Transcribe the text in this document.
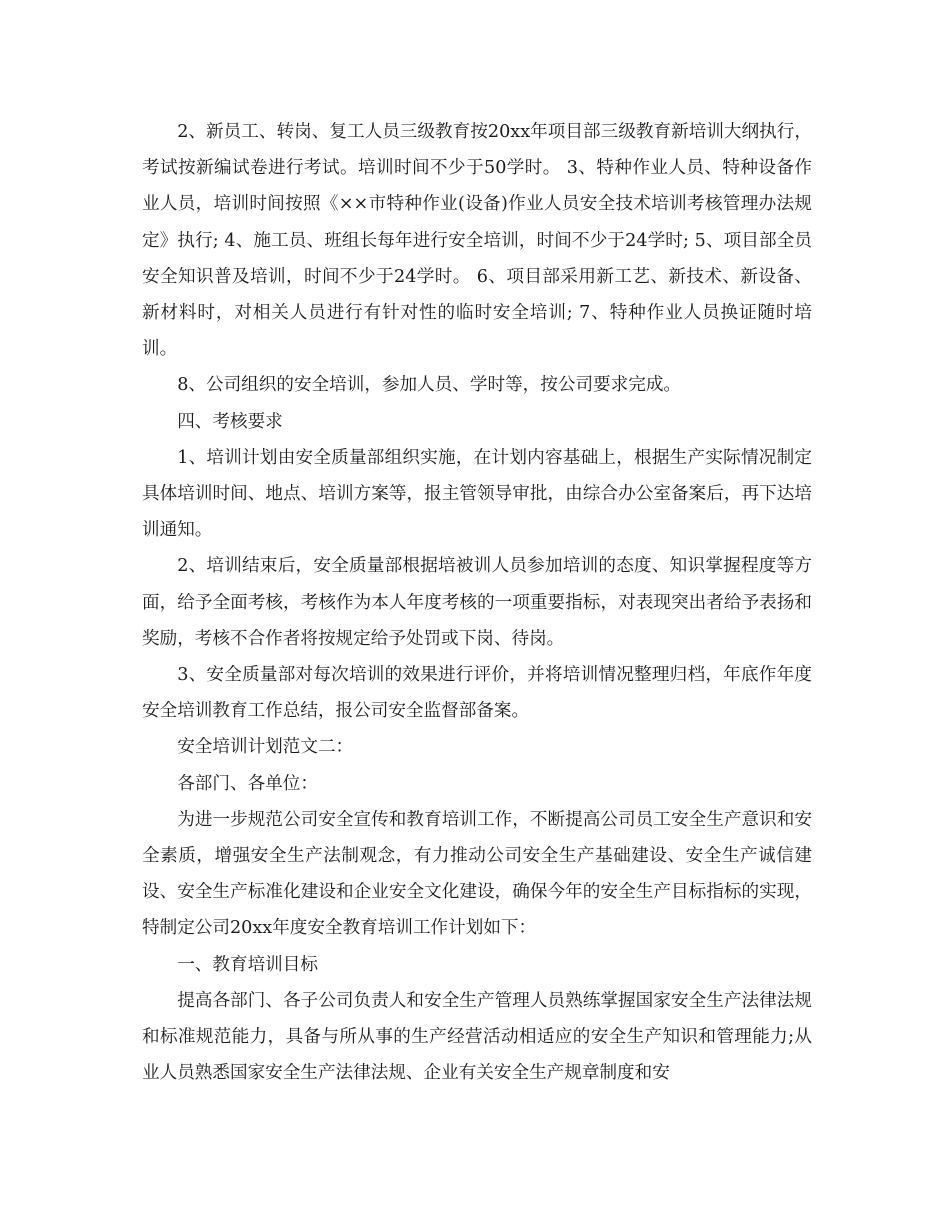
2、新员工、转岗、复工人员三级教育按20xx年项目部三级教育新培训大纲执行，考试按新编试卷进行考试。培训时间不少于50学时。 3、特种作业人员、特种设备作业人员，培训时间按照《××市特种作业(设备)作业人员安全技术培训考核管理办法规定》执行; 4、施工员、班组长每年进行安全培训，时间不少于24学时; 5、项目部全员安全知识普及培训，时间不少于24学时。 6、项目部采用新工艺、新技术、新设备、新材料时，对相关人员进行有针对性的临时安全培训; 7、特种作业人员换证随时培训。

8、公司组织的安全培训，参加人员、学时等，按公司要求完成。

四、考核要求

1、培训计划由安全质量部组织实施，在计划内容基础上，根据生产实际情况制定具体培训时间、地点、培训方案等，报主管领导审批，由综合办公室备案后，再下达培训通知。

2、培训结束后，安全质量部根据培被训人员参加培训的态度、知识掌握程度等方面，给予全面考核，考核作为本人年度考核的一项重要指标，对表现突出者给予表扬和奖励，考核不合作者将按规定给予处罚或下岗、待岗。

3、安全质量部对每次培训的效果进行评价，并将培训情况整理归档，年底作年度安全培训教育工作总结，报公司安全监督部备案。

安全培训计划范文二：

各部门、各单位：

为进一步规范公司安全宣传和教育培训工作，不断提高公司员工安全生产意识和安全素质，增强安全生产法制观念，有力推动公司安全生产基础建设、安全生产诚信建设、安全生产标准化建设和企业安全文化建设，确保今年的安全生产目标指标的实现，特制定公司20xx年度安全教育培训工作计划如下：

一、教育培训目标

提高各部门、各子公司负责人和安全生产管理人员熟练掌握国家安全生产法律法规和标准规范能力，具备与所从事的生产经营活动相适应的安全生产知识和管理能力;从业人员熟悉国家安全生产法律法规、企业有关安全生产规章制度和安
